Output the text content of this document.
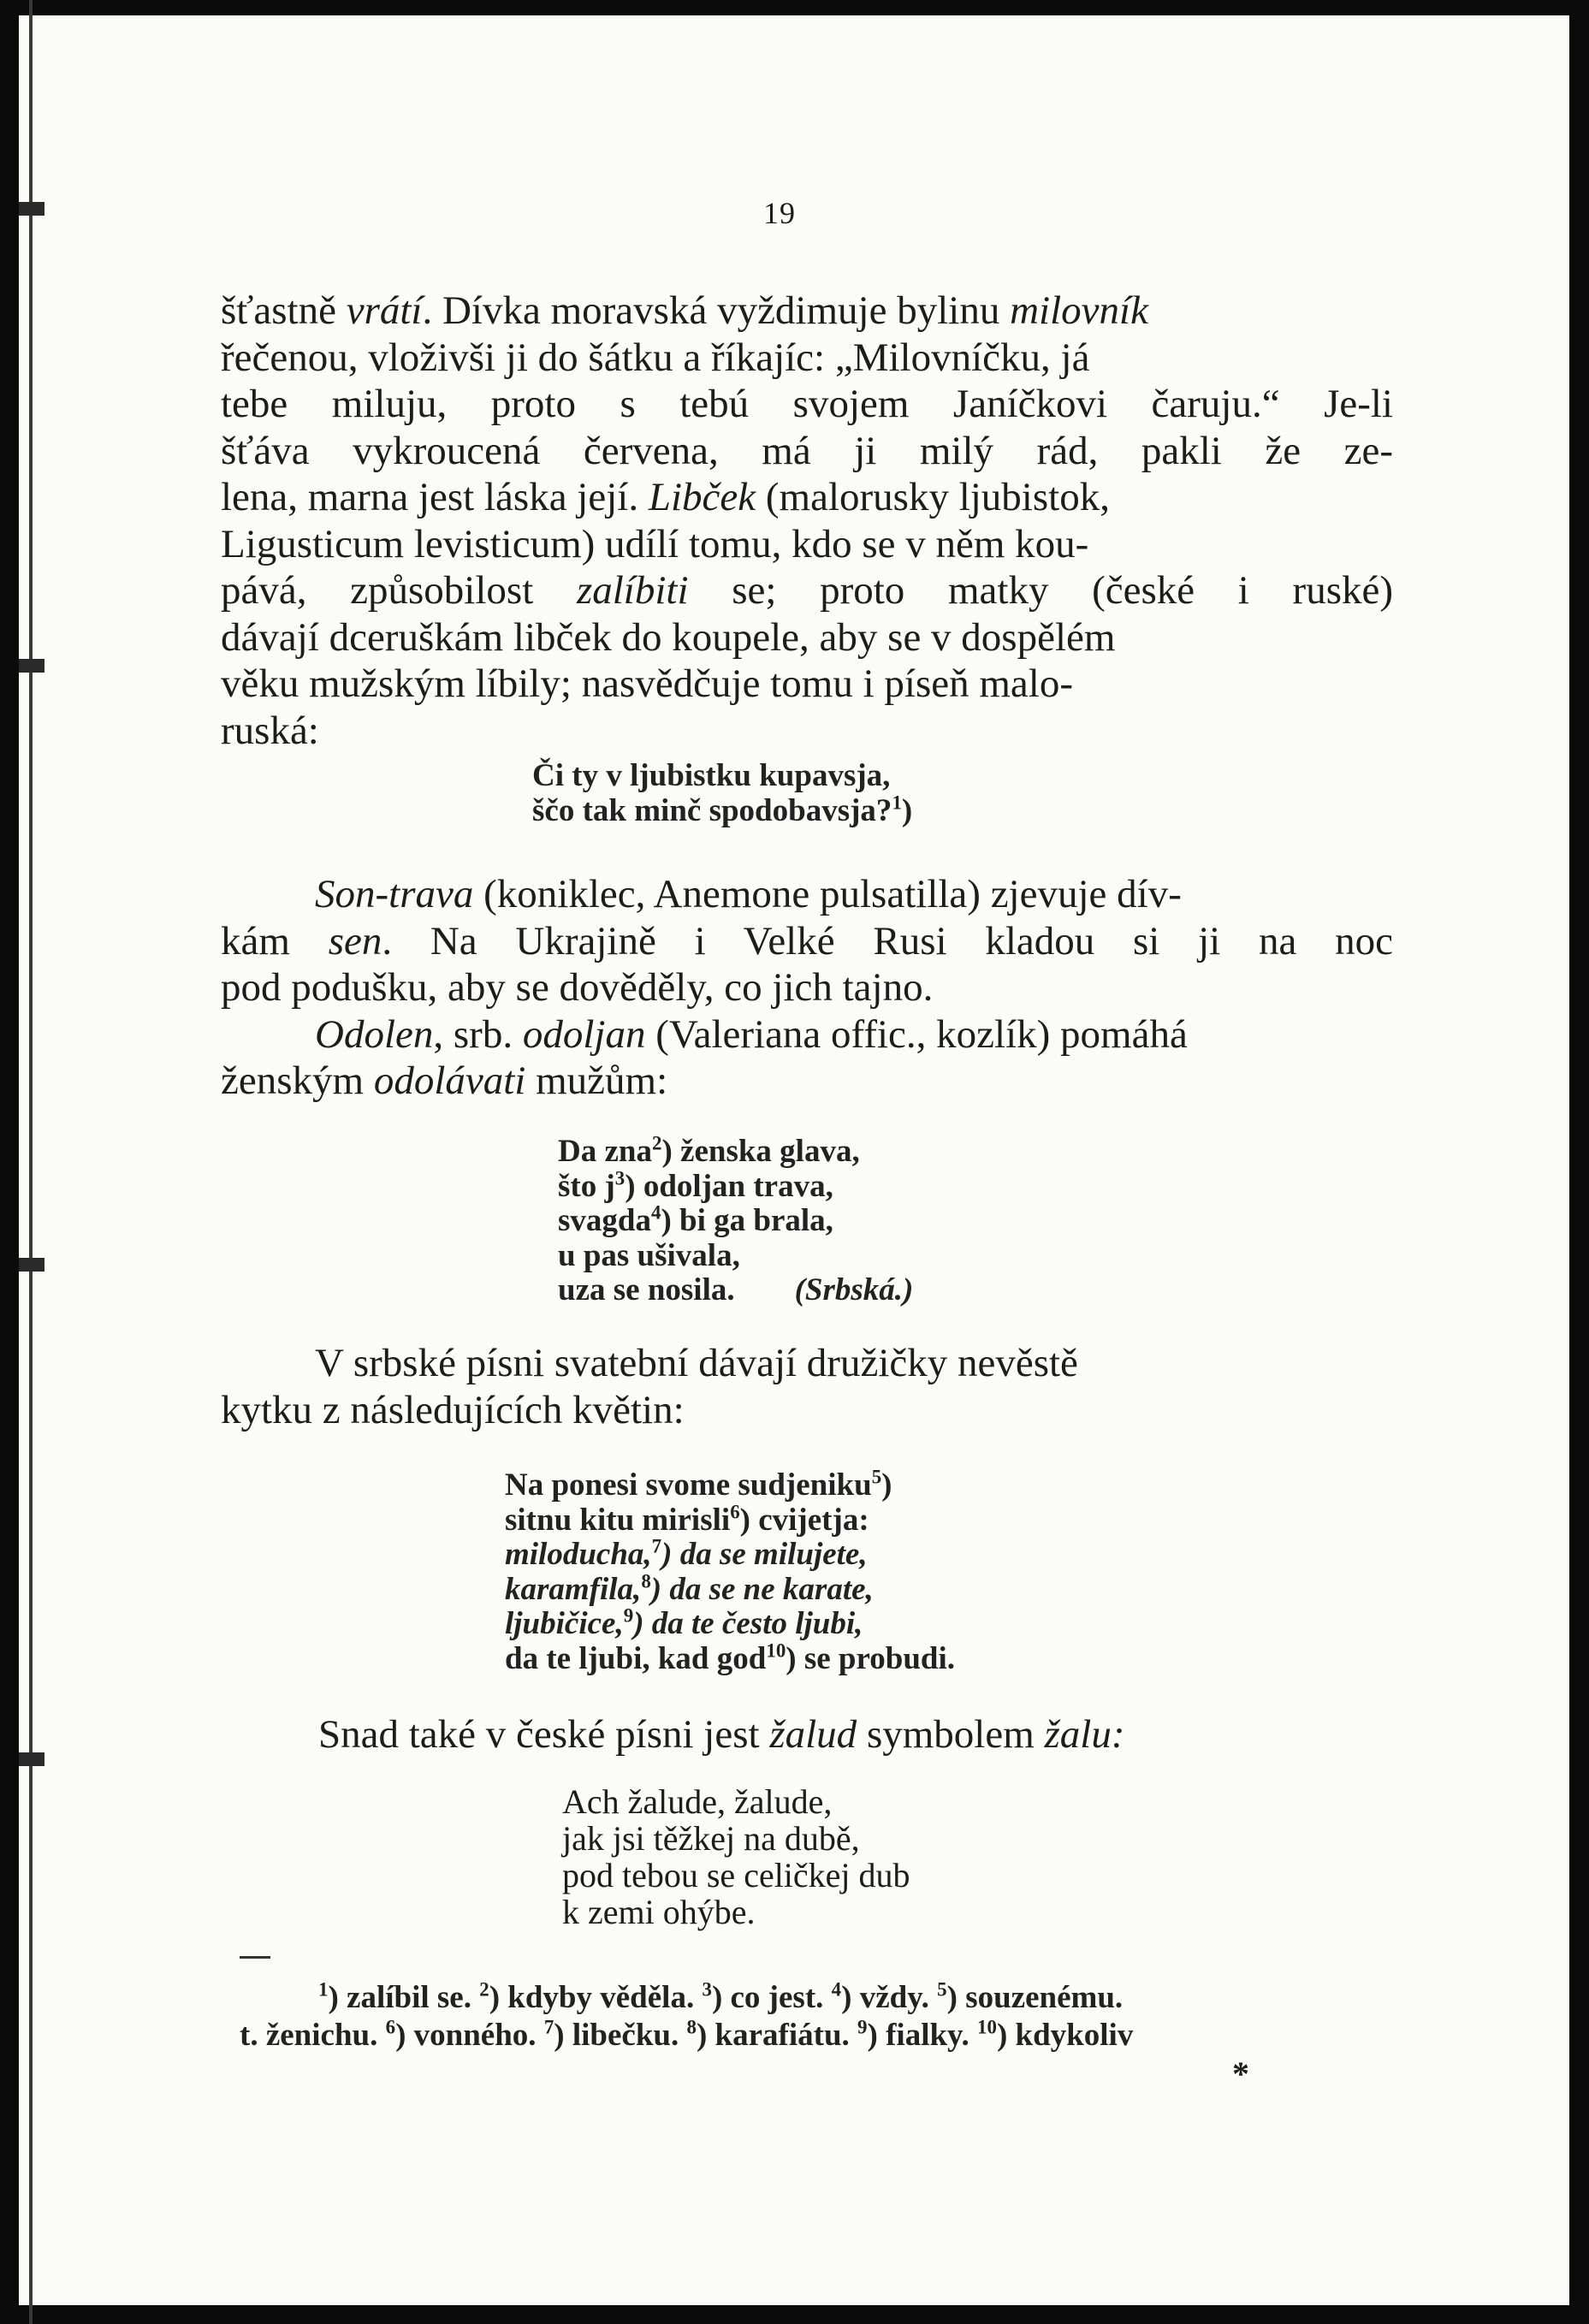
19
šťastně vrátí. Dívka moravská vyždimuje bylinu milovník
řečenou, vloživši ji do šátku a říkajíc: „Milovníčku, já
tebe miluju, proto s tebú svojem Janíčkovi čaruju.“ Je-li
šťáva vykroucená červena, má ji milý rád, pakli že ze-
lena, marna jest láska její. Libček (malorusky ljubistok,
Ligusticum levisticum) udílí tomu, kdo se v něm kou-
pává, způsobilost zalíbiti se; proto matky (české i ruské)
dávají dceruškám libček do koupele, aby se v dospělém
věku mužským líbily; nasvědčuje tomu i píseň malo-
ruská:
Či ty v ljubistku kupavsja,
ščo tak minč spodobavsja?$^1$)
Son-trava (koniklec, Anemone pulsatilla) zjevuje dív-
kám sen. Na Ukrajině i Velké Rusi kladou si ji na noc
pod podušku, aby se dověděly, co jich tajno.
Odolen, srb. odoljan (Valeriana offic., kozlík) pomáhá
ženským odolávati mužům:
Da zna$^2$) ženska glava,
što j$^3$) odoljan trava,
svagda$^4$) bi ga brala,
u pas ušivala,
uza se nosila. (Srbská.)
V srbské písni svatební dávají družičky nevěstě
kytku z následujících květin:
Na ponesi svome sudjeniku$^5$)
sitnu kitu mirisli$^6$) cvijetja:
miloducha,$^7$) da se milujete,
karamfila,$^8$) da se ne karate,
ljubičice,$^9$) da te često ljubi,
da te ljubi, kad god$^{10}$) se probudi.
Snad také v české písni jest žalud symbolem žalu:
Ach žalude, žalude,
jak jsi těžkej na dubě,
pod tebou se celičkej dub
k zemi ohýbe.
$^1$) zalíbil se. $^2$) kdyby věděla. $^3$) co jest. $^4$) vždy. $^5$) souzenému.
t. ženichu. $^6$) vonného. $^7$) libečku. $^8$) karafiátu. $^9$) fialky. $^{10}$) kdykoliv
*
